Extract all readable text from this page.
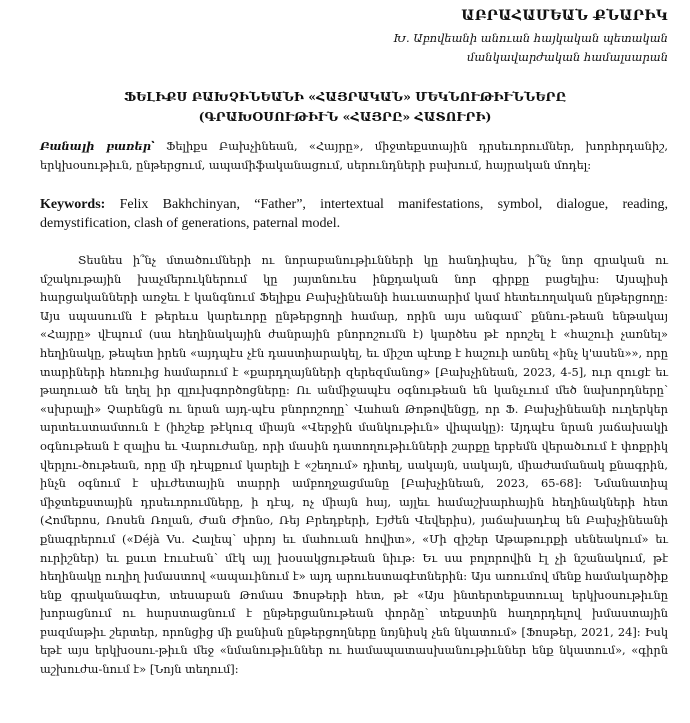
ԱԲՐԱՀԱՄԵԱՆ ՔՆԱՐԻԿ
Խ. Աբովեանի անուան հայկական պետական մանկավարժական համալսարան
ՖԵԼԻՔՍ ԲԱԽՉԻՆԵԱՆԻ «ՀԱՅՐԱԿԱՆ» ՄԵԿՆՈՒԹԻՒՆՆԵՐԸ
(ԳՐԱԽՕՍՈՒԹԻՒՆ «ՀԱՅՐԸ» ՀԱՏՈՒՐԻ)
Բանալի բառեր՝ Ֆելիքս Բախչինեան, «Հայրը», միջտեքստային դրսեւորումներ, խորհրդանիշ, երկխօսութիւն, ընթերցում, ապամիֆականացում, սերունդների բախում, հայրական մոդել:
Keywords: Felix Bakhchinyan, “Father”, intertextual manifestations, symbol, dialogue, reading, demystification, clash of generations, paternal model.
Տեսնես ի՞նչ մտածումների ու նորաբանութիւնների կը հանդիպես, ի՞նչ նոր զրական ու մշակութային խաչմերուկներում կը յայտնուես ինքդական նոր գիրքը բացելիս: Այսպիսի հարցականների առջեւ է կանգնում Ֆելիքս Բախչինեանի հաւատարիմ կամ հետեւողական ընթերցողը: Այս սպասումն է թերեւս կարեւորը ընթերցողի համար, որին այս անգամ՝ քննու-թեան ենթակայ «Հայրը» վէպում (սա հեղինակային ժանրային բնորոշումն է) կարծես թէ որոշել է «հաշուի չառնել» հեղինակը, թեպետ իրեն «այդպէս չէն դաստիարակել, եւ միշտ պէտք է հաշուի առնել «ինչ կ'ասեն»», որը տարիների հեռուից համարում է «քարդղայնների զերեզմանոց» [Բախչինեան, 2023, 4-5], ուր զուցէ եւ թաղուած են եղել իր զլուխգործոցները: Ու անմիջապէս օգնութեան են կանչւում մեծ նախորդները՝ «սխրալի» Չարենցն ու նրան այդ-պէս բնորոշողը՝ Վահան Թոթովենցը, որ Ֆ. Բախչինեանի ուղերկեր արտեւստամտուն է (իհշեք թէկուզ միայն «Վերջին մանկութիւն» վիպակը): Այդպէս նրան յաճախակի օգնութեան է զալիս եւ Վարուժանը, որի մասին դատողութիւնների շարքը երբեմն վերածւում է փոքրիկ վերլու-ծութեան, որը մի դէպքում կարելի է «շեղում» դիտել, սակայն, սակայն, միաժամանակ քնագրին, ինչն օգնում է սիւժետային տարրի ամբողջացմանը [Բախչինեան, 2023, 65-68]: Նմանատիպ միջտեքստային դրսեւորումները, ի դէպ, ոչ միայն հայ, այլեւ համաշխարհային հեղինակների հետ (Հոմերոս, Ռոսեն Ռոլան, Ժան Ժիոնօ, Ռեյ Բրեդբերի, Էյժեն Վեվերիս), յաճախադէպ են Բախչինեանի քնագրերում («Déjà Vu. Հալեպ՝ սիրոյ եւ մահուան հովիտ», «Մի զիշեր Աթաթուրքի սենեակում» եւ ուրիշներ) եւ քսւտ էուսէան՝ մէկ այլ խօսակցութեան նիւթ: Եւ սա բոլորովին էլ չի նշանակում, թէ հեղինակը ուղիղ խմաստով «ապաւինում է» այդ արուեստագէտներին: Այս առումով մենք համակարծիք ենք գրականագէտ, տեսաբան Թոմաս Ֆոսթերի հետ, թէ «Այս ինտերտեքստուալ երկխօսութիւնը խորացնում ու հարստացնում է ընթերցանութեան փորձը՝ տեքստին հաղորդելով խմաստային բազմաթիւ շերտեր, որոնցից մի քանիսն ընթերցողները նոյնիսկ չեն նկատում» [Ֆոսթեր, 2021, 24]: Իսկ եթէ այս երկխօսու-թիւն մեջ «նմանութիւններ ու համապատասխանութիւններ ենք նկատում», «գիրն աշխուժա-նում է» [Նոյն տեղում]:
